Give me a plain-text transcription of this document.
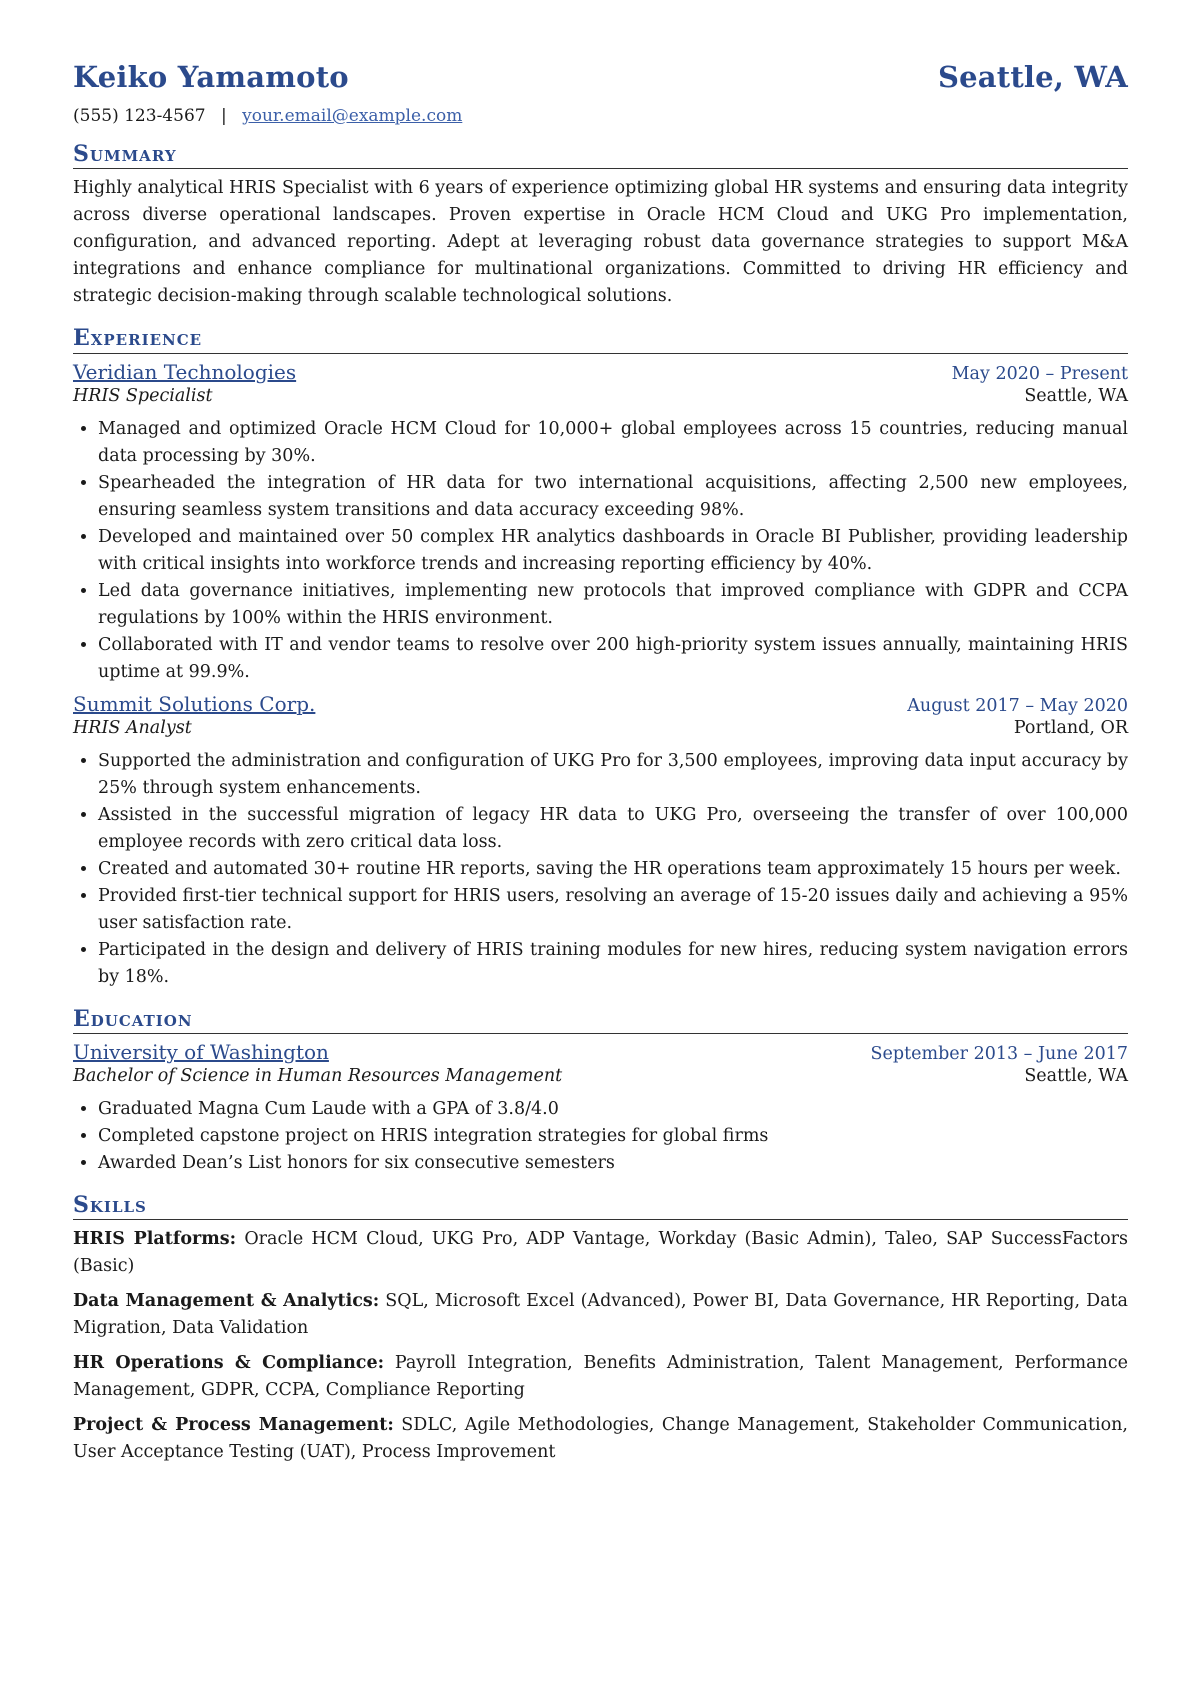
Keiko Yamamoto	Seattle, WA
(555) 123-4567 | your.email@example.com
Summary
Highly analytical HRIS Specialist with 6 years of experience optimizing global HR systems and ensuring data integrity across diverse operational landscapes. Proven expertise in Oracle HCM Cloud and UKG Pro implementation, configuration, and advanced reporting. Adept at leveraging robust data governance strategies to support M&A integrations and enhance compliance for multinational organizations. Committed to driving HR efficiency and strategic decision-making through scalable technological solutions.
Experience
Veridian Technologies	May 2020 – Present
HRIS Specialist	Seattle, WA
• Managed and optimized Oracle HCM Cloud for 10,000+ global employees across 15 countries, reducing manual data processing by 30%.
• Spearheaded the integration of HR data for two international acquisitions, affecting 2,500 new employees, ensuring seamless system transitions and data accuracy exceeding 98%.
• Developed and maintained over 50 complex HR analytics dashboards in Oracle BI Publisher, providing leadership with critical insights into workforce trends and increasing reporting efficiency by 40%.
• Led data governance initiatives, implementing new protocols that improved compliance with GDPR and CCPA regulations by 100% within the HRIS environment.
• Collaborated with IT and vendor teams to resolve over 200 high-priority system issues annually, maintaining HRIS uptime at 99.9%.
Summit Solutions Corp.	August 2017 – May 2020
HRIS Analyst	Portland, OR
• Supported the administration and configuration of UKG Pro for 3,500 employees, improving data input accuracy by 25% through system enhancements.
• Assisted in the successful migration of legacy HR data to UKG Pro, overseeing the transfer of over 100,000 employee records with zero critical data loss.
• Created and automated 30+ routine HR reports, saving the HR operations team approximately 15 hours per week.
• Provided first-tier technical support for HRIS users, resolving an average of 15-20 issues daily and achieving a 95% user satisfaction rate.
• Participated in the design and delivery of HRIS training modules for new hires, reducing system navigation errors by 18%.
Education
University of Washington	September 2013 – June 2017
Bachelor of Science in Human Resources Management	Seattle, WA
• Graduated Magna Cum Laude with a GPA of 3.8/4.0
• Completed capstone project on HRIS integration strategies for global firms
• Awarded Dean’s List honors for six consecutive semesters
Skills
HRIS Platforms: Oracle HCM Cloud, UKG Pro, ADP Vantage, Workday (Basic Admin), Taleo, SAP SuccessFactors (Basic)
Data Management & Analytics: SQL, Microsoft Excel (Advanced), Power BI, Data Governance, HR Reporting, Data Migration, Data Validation
HR Operations & Compliance: Payroll Integration, Benefits Administration, Talent Management, Performance Management, GDPR, CCPA, Compliance Reporting
Project & Process Management: SDLC, Agile Methodologies, Change Management, Stakeholder Communication, User Acceptance Testing (UAT), Process Improvement
